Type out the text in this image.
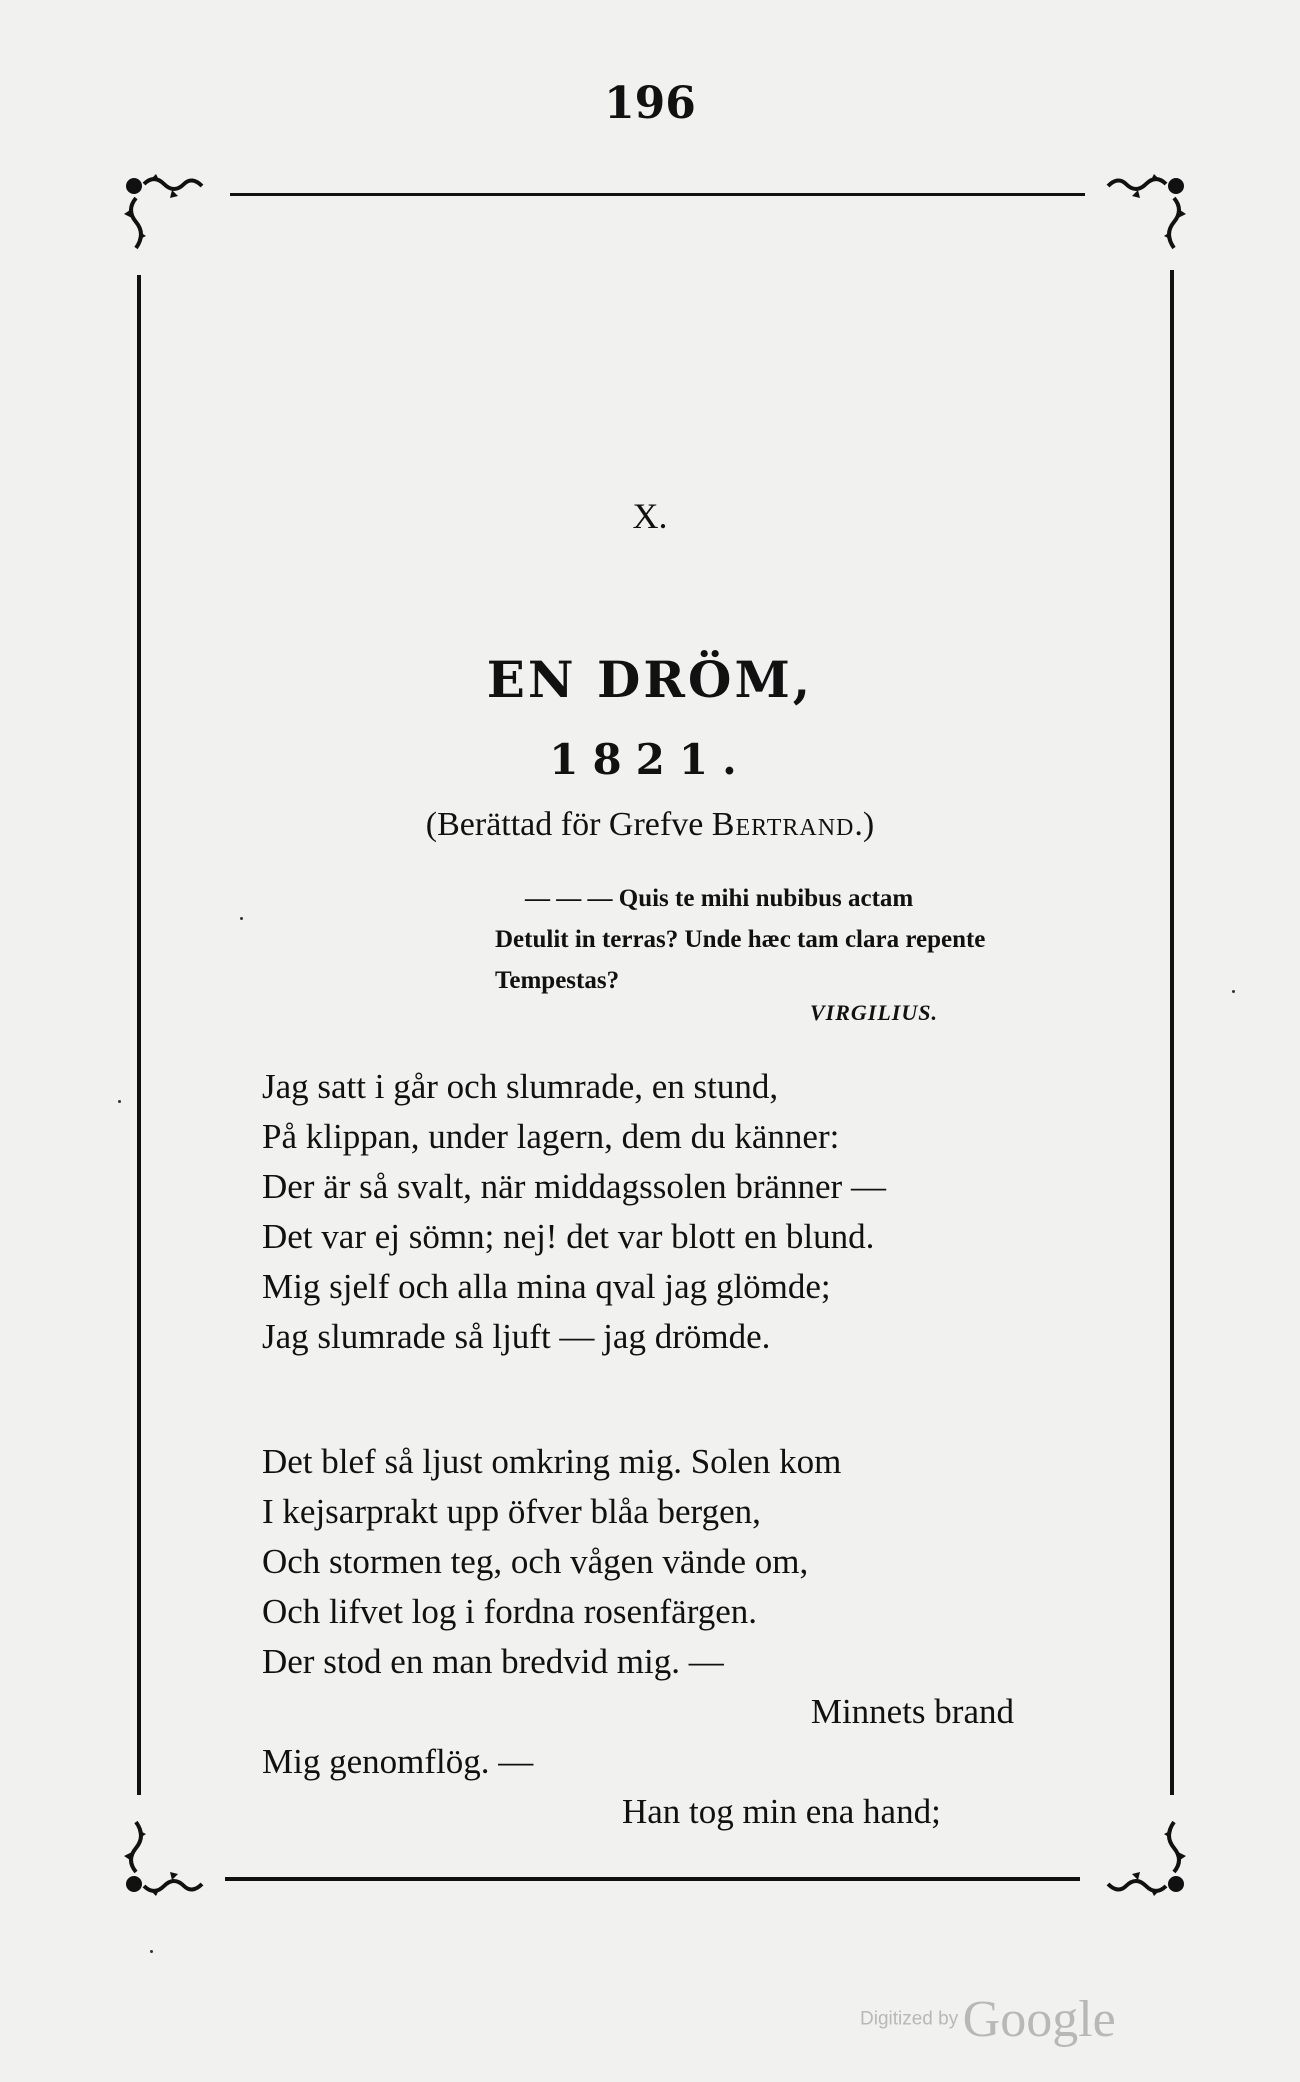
196
X.
EN DRÖM,
1821.
(Berättad för Grefve Bertrand.)
— — — Quis te mihi nubibus actam
Detulit in terras? Unde hæc tam clara repente
Tempestas?
VIRGILIUS.
Jag satt i går och slumrade, en stund,
På klippan, under lagern, dem du känner:
Der är så svalt, när middagssolen bränner —
Det var ej sömn; nej! det var blott en blund.
Mig sjelf och alla mina qval jag glömde;
Jag slumrade så ljuft — jag drömde.
Det blef så ljust omkring mig. Solen kom
I kejsarprakt upp öfver blåa bergen,
Och stormen teg, och vågen vände om,
Och lifvet log i fordna rosenfärgen.
Der stod en man bredvid mig. —
Minnets brand
Mig genomflög. —
Han tog min ena hand;
Digitized by Google
